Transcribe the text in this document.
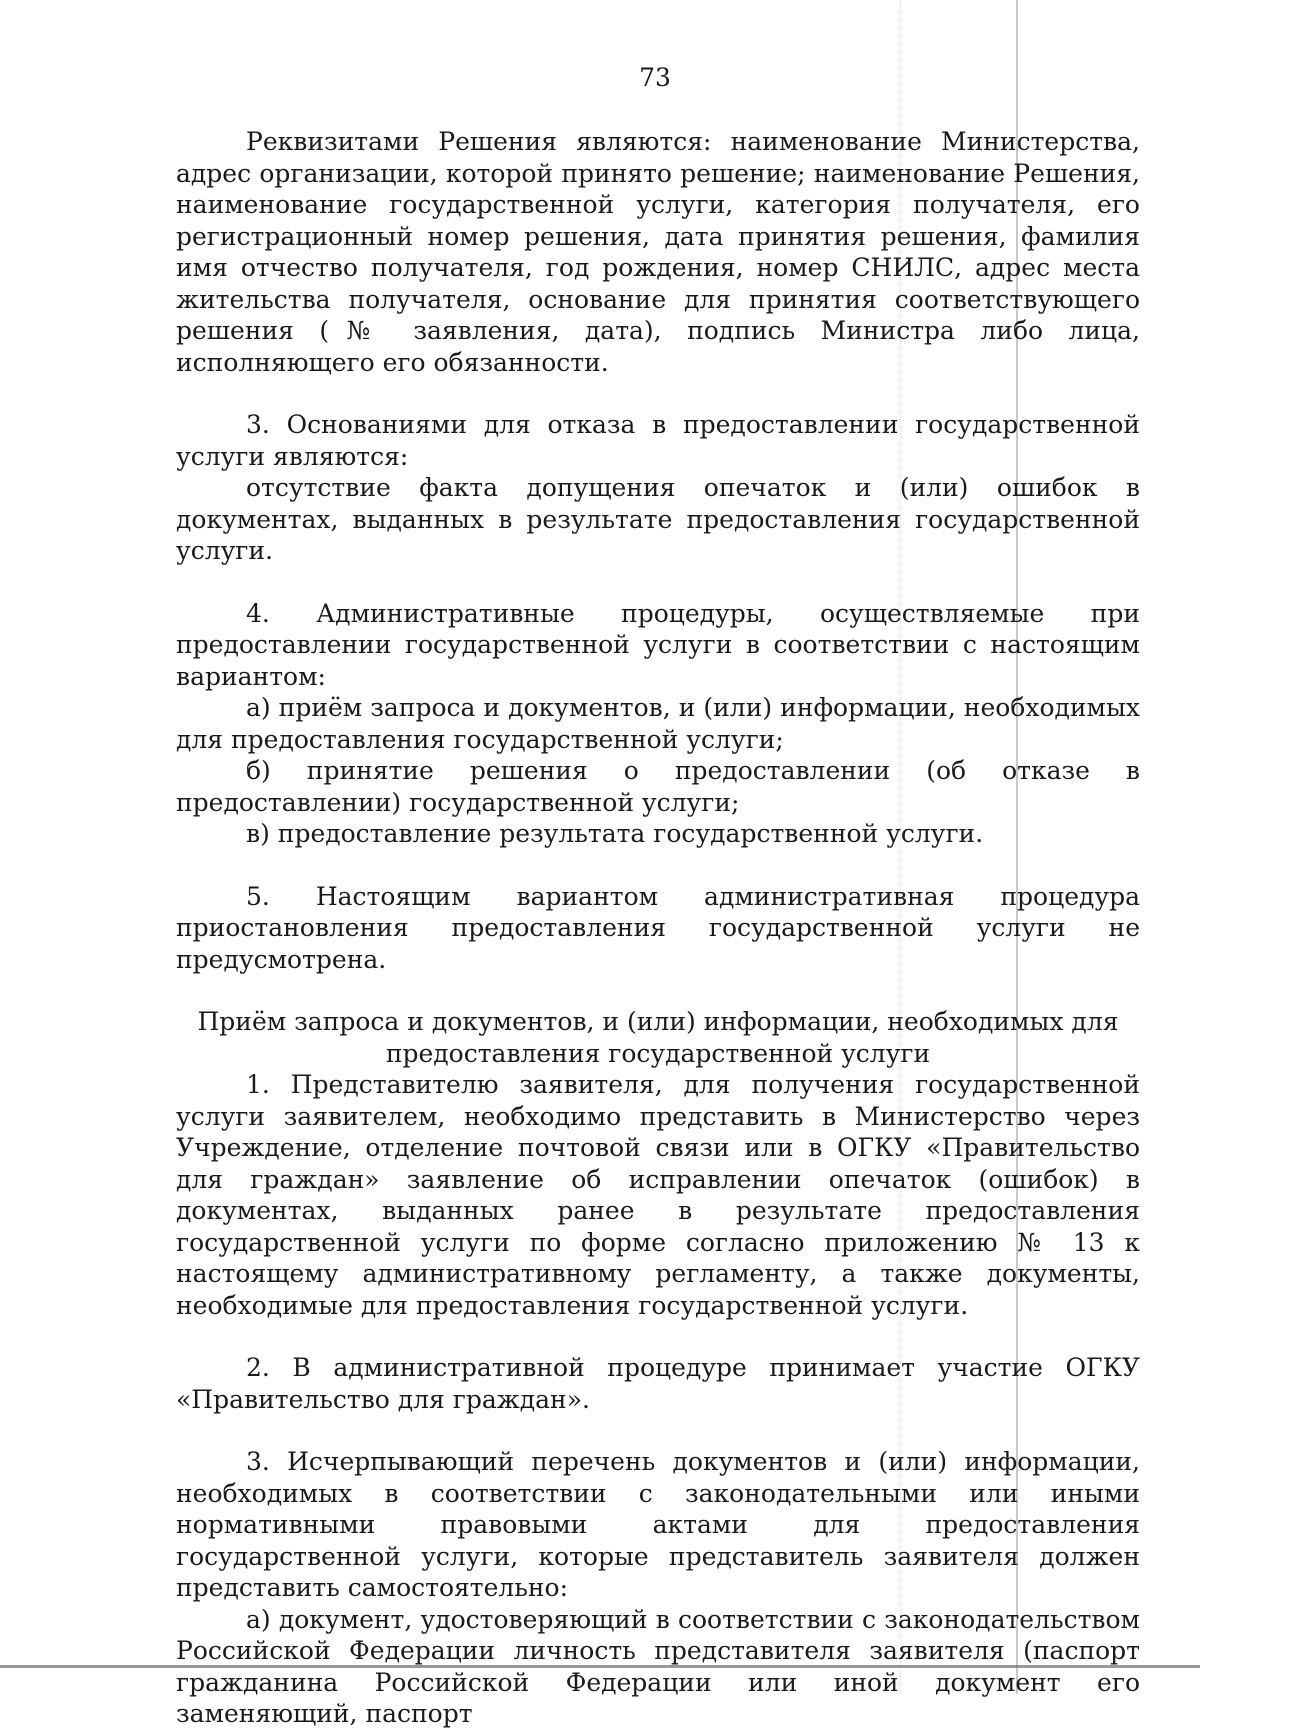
73

Реквизитами Решения являются: наименование Министерства, адрес организации, которой принято решение; наименование Решения, наименование государственной услуги, категория получателя, его регистрационный номер решения, дата принятия решения, фамилия имя отчество получателя, год рождения, номер СНИЛС, адрес места жительства получателя, основание для принятия соответствующего решения (№ заявления, дата), подпись Министра либо лица, исполняющего его обязанности.

3. Основаниями для отказа в предоставлении государственной услуги являются:

отсутствие факта допущения опечаток и (или) ошибок в документах, выданных в результате предоставления государственной услуги.

4. Административные процедуры, осуществляемые при предоставлении государственной услуги в соответствии с настоящим вариантом:

а) приём запроса и документов, и (или) информации, необходимых для предоставления государственной услуги;

б) принятие решения о предоставлении (об отказе в предоставлении) государственной услуги;

в) предоставление результата государственной услуги.

5. Настоящим вариантом административная процедура приостановления предоставления государственной услуги не предусмотрена.

Приём запроса и документов, и (или) информации, необходимых для

предоставления государственной услуги

1. Представителю заявителя, для получения государственной услуги заявителем, необходимо представить в Министерство через Учреждение, отделение почтовой связи или в ОГКУ «Правительство для граждан» заявление об исправлении опечаток (ошибок) в документах, выданных ранее в результате предоставления государственной услуги по форме согласно приложению № 13 к настоящему административному регламенту, а также документы, необходимые для предоставления государственной услуги.

2. В административной процедуре принимает участие ОГКУ «Правительство для граждан».

3. Исчерпывающий перечень документов и (или) информации, необходимых в соответствии с законодательными или иными нормативными правовыми актами для предоставления государственной услуги, которые представитель заявителя должен представить самостоятельно:

а) документ, удостоверяющий в соответствии с законодательством Российской Федерации личность представителя заявителя (паспорт гражданина Российской Федерации или иной документ его заменяющий, паспорт
